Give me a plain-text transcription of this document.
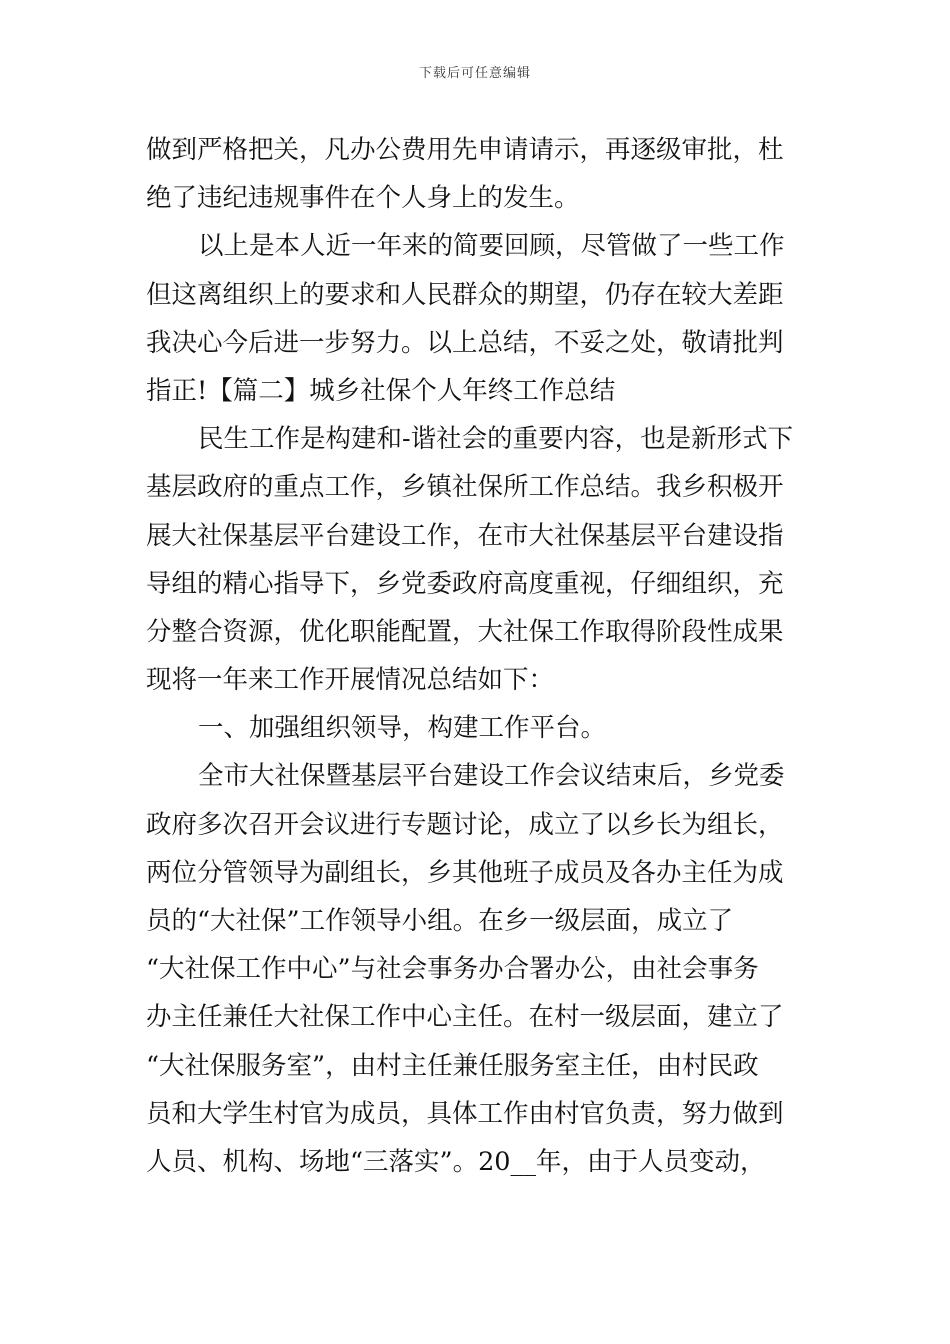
下载后可任意编辑
做到严格把关，凡办公费用先申请请示，再逐级审批，杜
绝了违纪违规事件在个人身上的发生。
以上是本人近一年来的简要回顾，尽管做了一些工作
但这离组织上的要求和人民群众的期望，仍存在较大差距
我决心今后进一步努力。以上总结，不妥之处，敬请批判
指正!【篇二】城乡社保个人年终工作总结
民生工作是构建和-谐社会的重要内容，也是新形式下
基层政府的重点工作，乡镇社保所工作总结。我乡积极开
展大社保基层平台建设工作，在市大社保基层平台建设指
导组的精心指导下，乡党委政府高度重视，仔细组织，充
分整合资源，优化职能配置，大社保工作取得阶段性成果
现将一年来工作开展情况总结如下：
一、加强组织领导，构建工作平台。
全市大社保暨基层平台建设工作会议结束后，乡党委
政府多次召开会议进行专题讨论，成立了以乡长为组长，
两位分管领导为副组长，乡其他班子成员及各办主任为成
员的“大社保”工作领导小组。在乡一级层面，成立了
“大社保工作中心”与社会事务办合署办公，由社会事务
办主任兼任大社保工作中心主任。在村一级层面，建立了
“大社保服务室”，由村主任兼任服务室主任，由村民政
员和大学生村官为成员，具体工作由村官负责，努力做到
人员、机构、场地“三落实”。20__年，由于人员变动，
